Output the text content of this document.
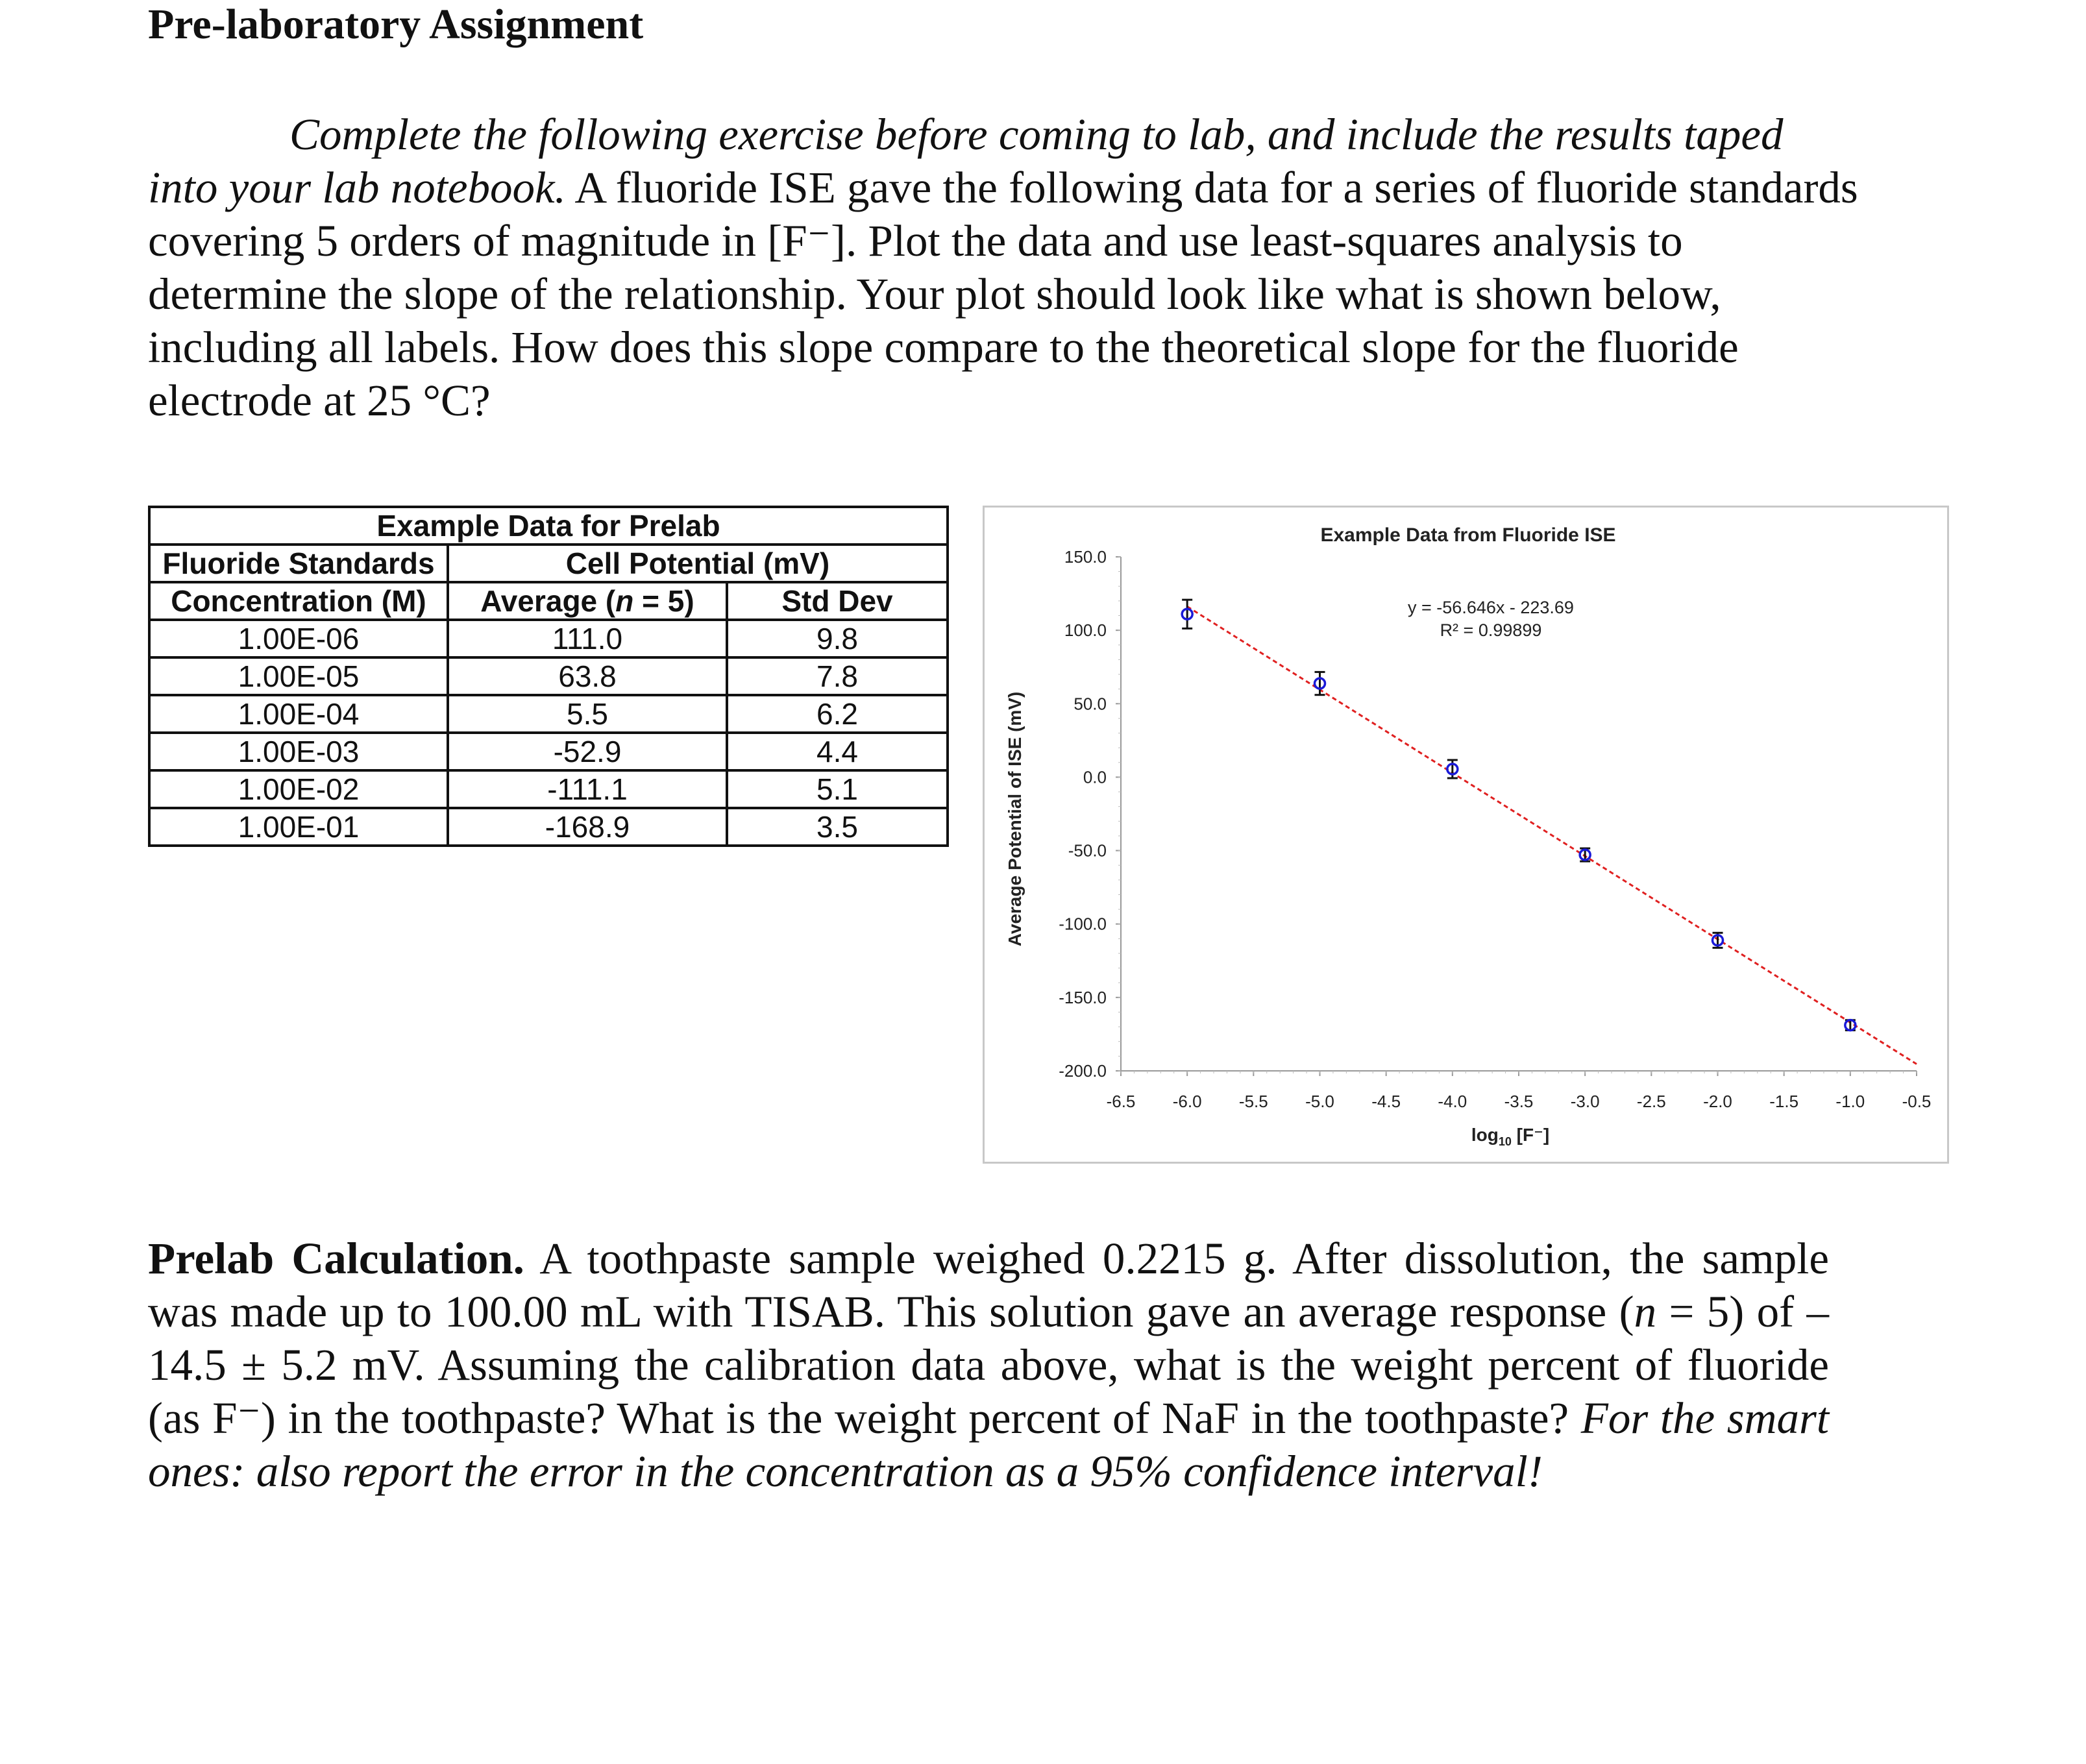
Pre-laboratory Assignment
Complete the following exercise before coming to lab, and include the results taped into your lab notebook. A fluoride ISE gave the following data for a series of fluoride standards covering 5 orders of magnitude in [F⁻]. Plot the data and use least-squares analysis to determine the slope of the relationship. Your plot should look like what is shown below, including all labels. How does this slope compare to the theoretical slope for the fluoride electrode at 25 °C?
Example Data for Prelab		
Fluoride Standards	Cell Potential (mV)	
Concentration (M)	Average (n = 5)	Std Dev
1.00E-06	111.0	9.8
1.00E-05	63.8	7.8
1.00E-04	5.5	6.2
1.00E-03	-52.9	4.4
1.00E-02	-111.1	5.1
1.00E-01	-168.9	3.5
Example Data from Fluoride ISE
Average Potential of ISE (mV)
$\log_{10} [F^-]$
y = -56.646x - 223.69
R² = 0.99899
150.0
100.0
50.0
0.0
-50.0
-100.0
-150.0
-200.0
-6.5 -6.0 -5.5 -5.0 -4.5 -4.0 -3.5 -3.0 -2.5 -2.0 -1.5 -1.0 -0.5
Prelab Calculation. A toothpaste sample weighed 0.2215 g. After dissolution, the sample was made up to 100.00 mL with TISAB. This solution gave an average response (n = 5) of –14.5 ± 5.2 mV. Assuming the calibration data above, what is the weight percent of fluoride (as F⁻) in the toothpaste? What is the weight percent of NaF in the toothpaste? For the smart ones: also report the error in the concentration as a 95% confidence interval!
